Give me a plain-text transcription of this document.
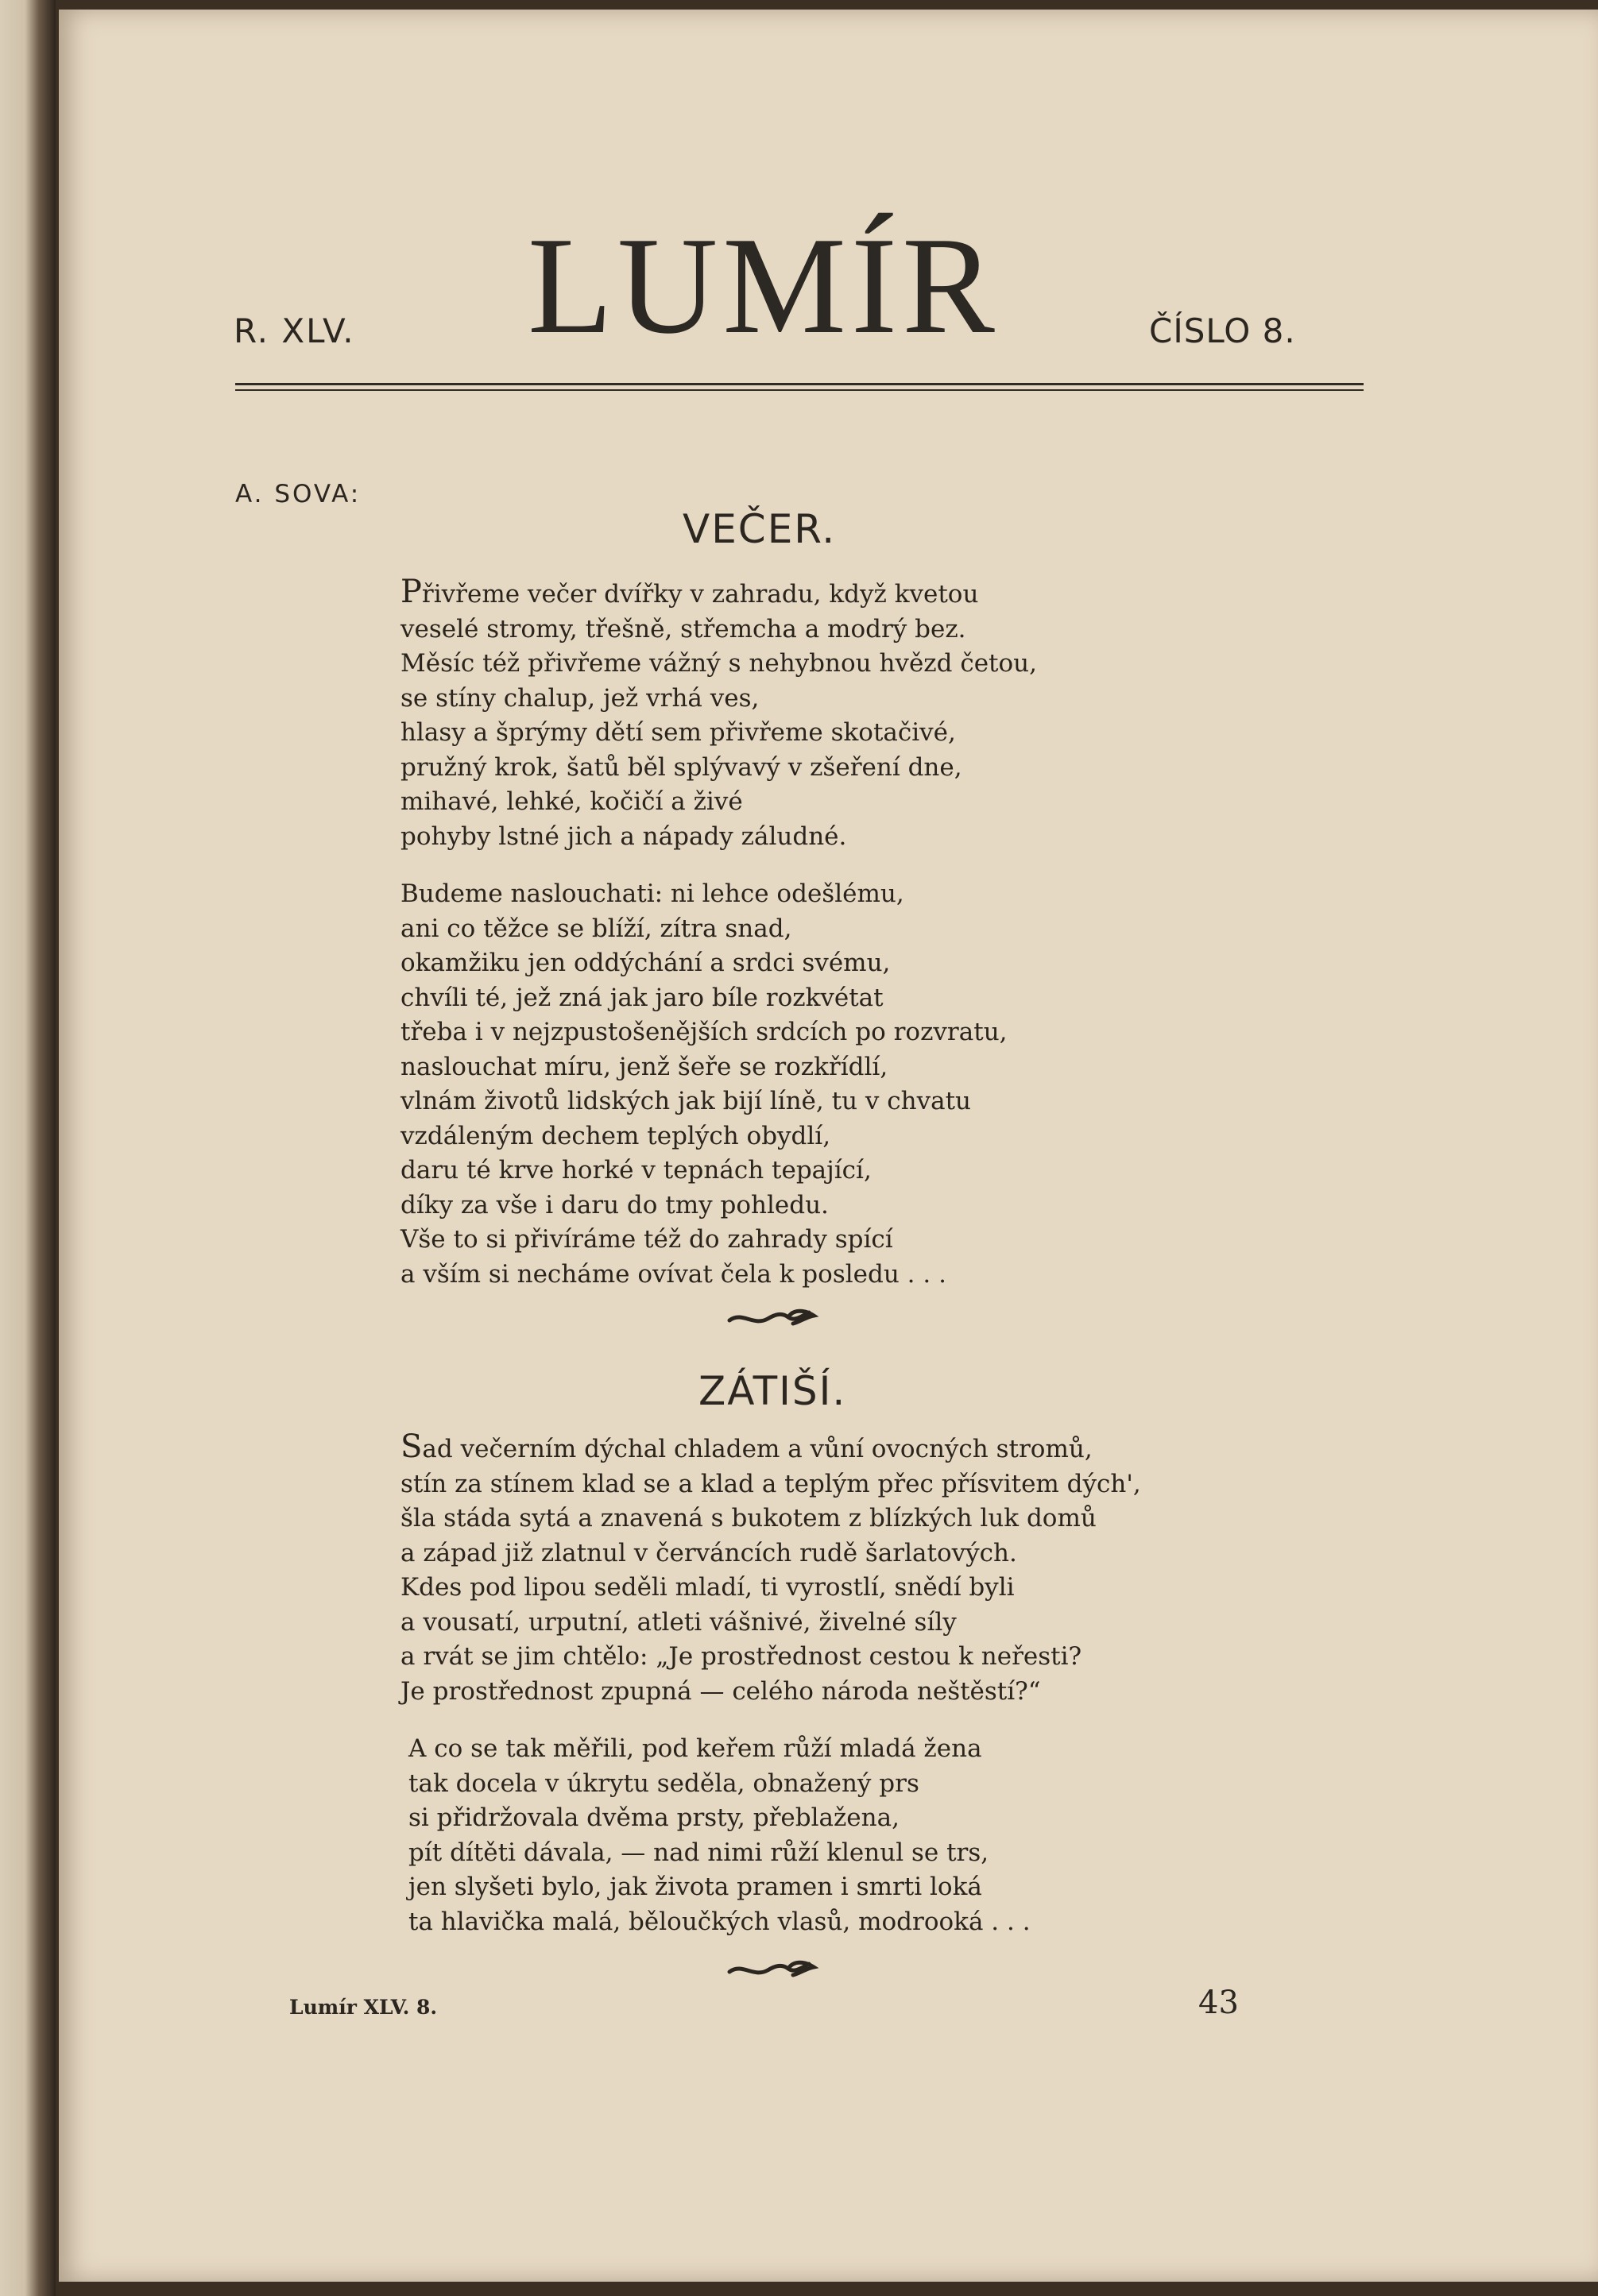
R. XLV. LUMÍR	ČÍSLO 8.
A. SOVA:
VEČER.
Přivřeme večer dvířky v zahradu, když kvetou
veselé stromy, třešně, střemcha a modrý bez.
Měsíc též přivřeme vážný s nehybnou hvězd četou,
se stíny chalup, jež vrhá ves,
hlasy a šprýmy dětí sem přivřeme skotačivé,
pružný krok, šatů běl splývavý v zšeření dne,
mihavé, lehké, kočičí a živé
pohyby lstné jich a nápady záludné.
Budeme naslouchati: ni lehce odešlému,
ani co těžce se blíží, zítra snad,
okamžiku jen oddýchání a srdci svému,
chvíli té, jež zná jak jaro bíle rozkvétat
třeba i v nejzpustošenějších srdcích po rozvratu,
naslouchat míru, jenž šeře se rozkřídlí,
vlnám životů lidských jak bijí líně, tu v chvatu
vzdáleným dechem teplých obydlí,
daru té krve horké v tepnách tepající,
díky za vše i daru do tmy pohledu.
Vše to si přivíráme též do zahrady spící
a vším si necháme ovívat čela k posledu . . .
ZÁTIŠÍ.
Sad večerním dýchal chladem a vůní ovocných stromů,
stín za stínem klad se a klad a teplým přec přísvitem dých',
šla stáda sytá a znavená s bukotem z blízkých luk domů
a západ již zlatnul v červáncích rudě šarlatových.
Kdes pod lipou seděli mladí, ti vyrostlí, snědí byli
a vousatí, urputní, atleti vášnivé, živelné síly
a rvát se jim chtělo: „Je prostřednost cestou k neřesti?
Je prostřednost zpupná — celého národa neštěstí?“
A co se tak měřili, pod keřem růží mladá žena
tak docela v úkrytu seděla, obnažený prs
si přidržovala dvěma prsty, přeblažena,
pít dítěti dávala, — nad nimi růží klenul se trs,
jen slyšeti bylo, jak života pramen i smrti loká
ta hlavička malá, běloučkých vlasů, modrooká . . .
Lumír XLV. 8.	43
